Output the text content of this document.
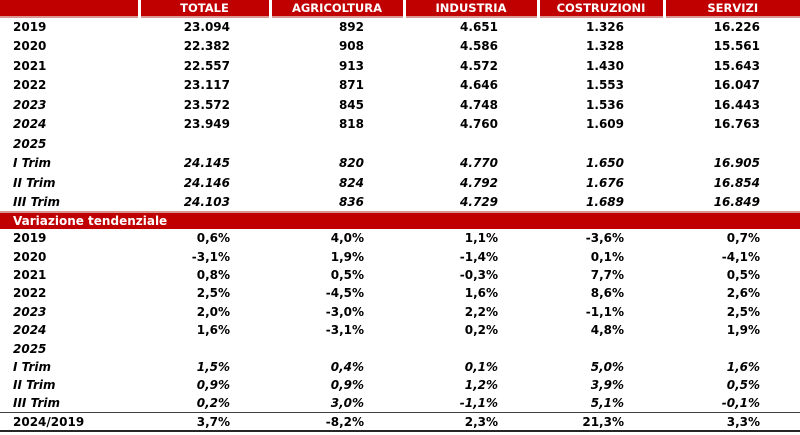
	TOTALE	AGRICOLTURA	INDUSTRIA	COSTRUZIONI	SERVIZI
2019	23.094	892	4.651	1.326	16.226
2020	22.382	908	4.586	1.328	15.561
2021	22.557	913	4.572	1.430	15.643
2022	23.117	871	4.646	1.553	16.047
2023	23.572	845	4.748	1.536	16.443
2024	23.949	818	4.760	1.609	16.763
2025					
I Trim	24.145	820	4.770	1.650	16.905
II Trim	24.146	824	4.792	1.676	16.854
III Trim	24.103	836	4.729	1.689	16.849
Variazione tendenziale					
2019	0,6%	4,0%	1,1%	-3,6%	0,7%
2020	-3,1%	1,9%	-1,4%	0,1%	-4,1%
2021	0,8%	0,5%	-0,3%	7,7%	0,5%
2022	2,5%	-4,5%	1,6%	8,6%	2,6%
2023	2,0%	-3,0%	2,2%	-1,1%	2,5%
2024	1,6%	-3,1%	0,2%	4,8%	1,9%
2025					
I Trim	1,5%	0,4%	0,1%	5,0%	1,6%
II Trim	0,9%	0,9%	1,2%	3,9%	0,5%
III Trim	0,2%	3,0%	-1,1%	5,1%	-0,1%
2024/2019	3,7%	-8,2%	2,3%	21,3%	3,3%
